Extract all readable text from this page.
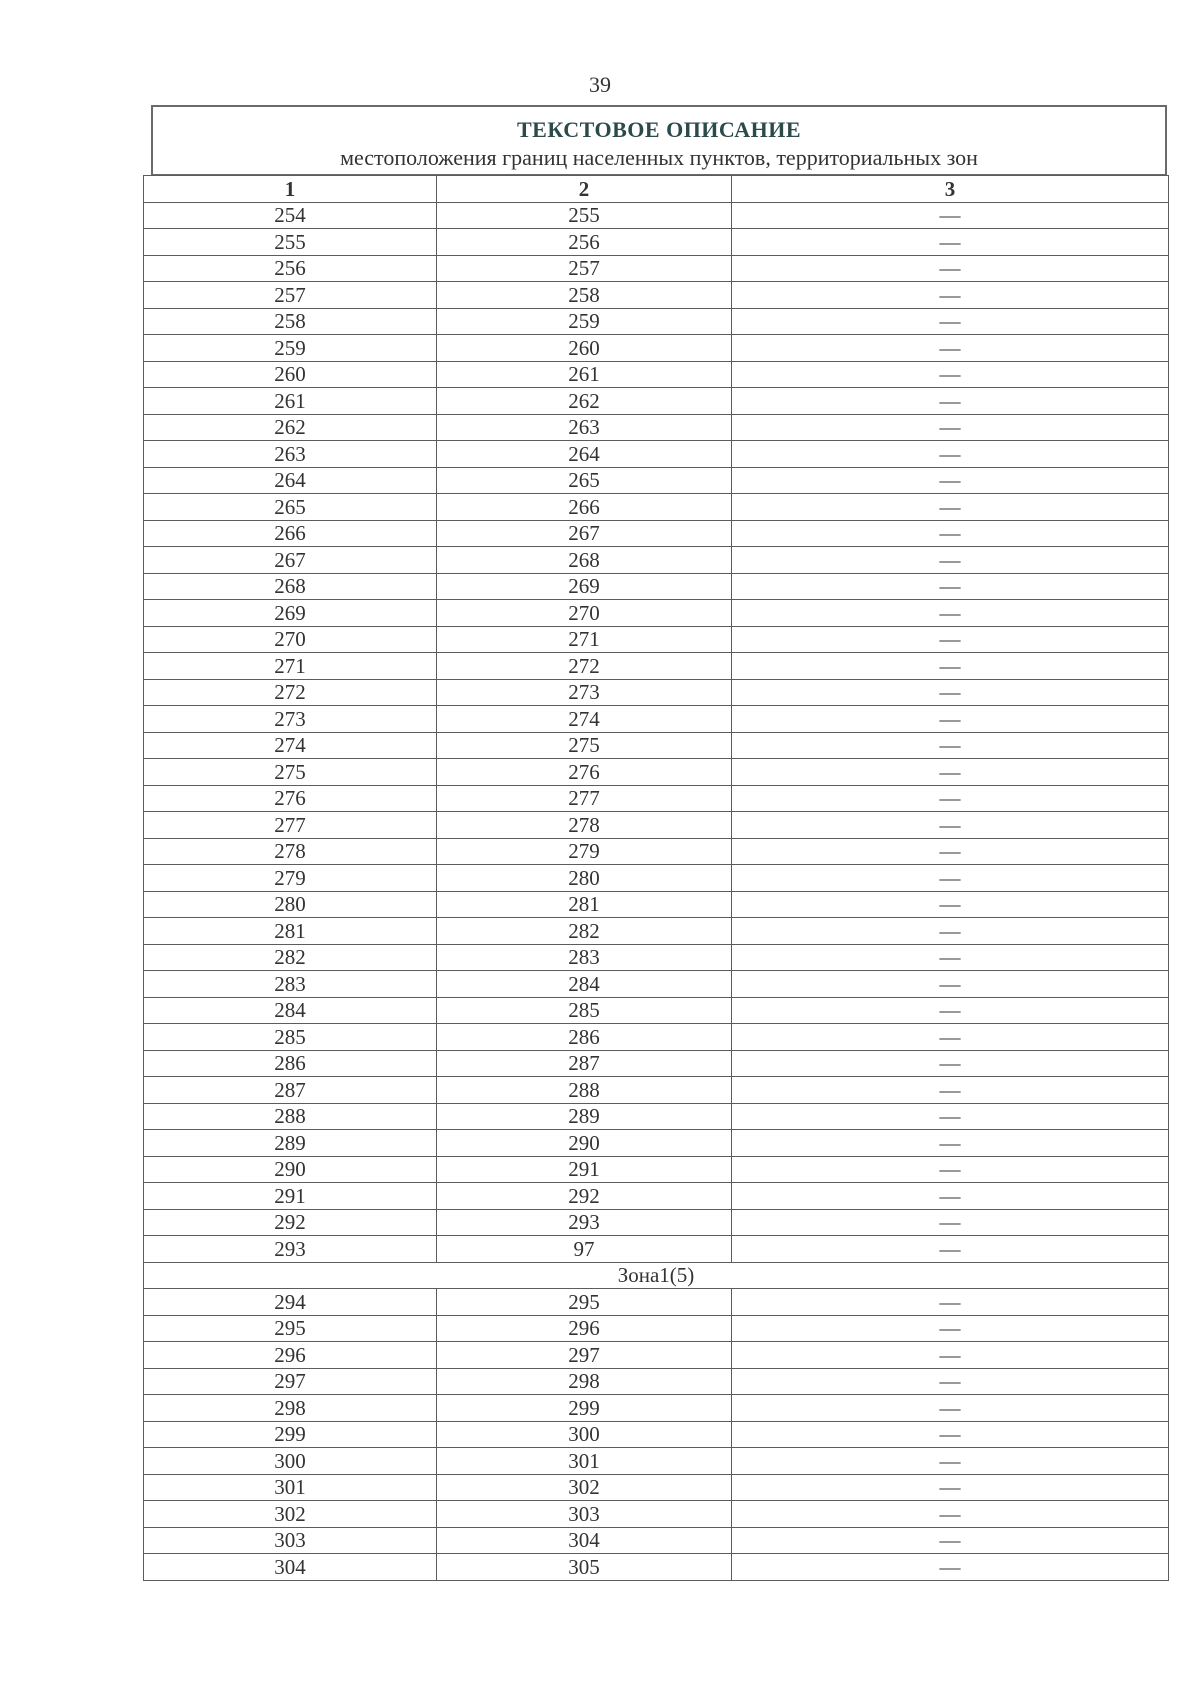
39
ТЕКСТОВОЕ ОПИСАНИЕ
местоположения границ населенных пунктов, территориальных зон
1	2	3
254	255	—
255	256	—
256	257	—
257	258	—
258	259	—
259	260	—
260	261	—
261	262	—
262	263	—
263	264	—
264	265	—
265	266	—
266	267	—
267	268	—
268	269	—
269	270	—
270	271	—
271	272	—
272	273	—
273	274	—
274	275	—
275	276	—
276	277	—
277	278	—
278	279	—
279	280	—
280	281	—
281	282	—
282	283	—
283	284	—
284	285	—
285	286	—
286	287	—
287	288	—
288	289	—
289	290	—
290	291	—
291	292	—
292	293	—
293	97	—
Зона1(5)		
294	295	—
295	296	—
296	297	—
297	298	—
298	299	—
299	300	—
300	301	—
301	302	—
302	303	—
303	304	—
304	305	—
